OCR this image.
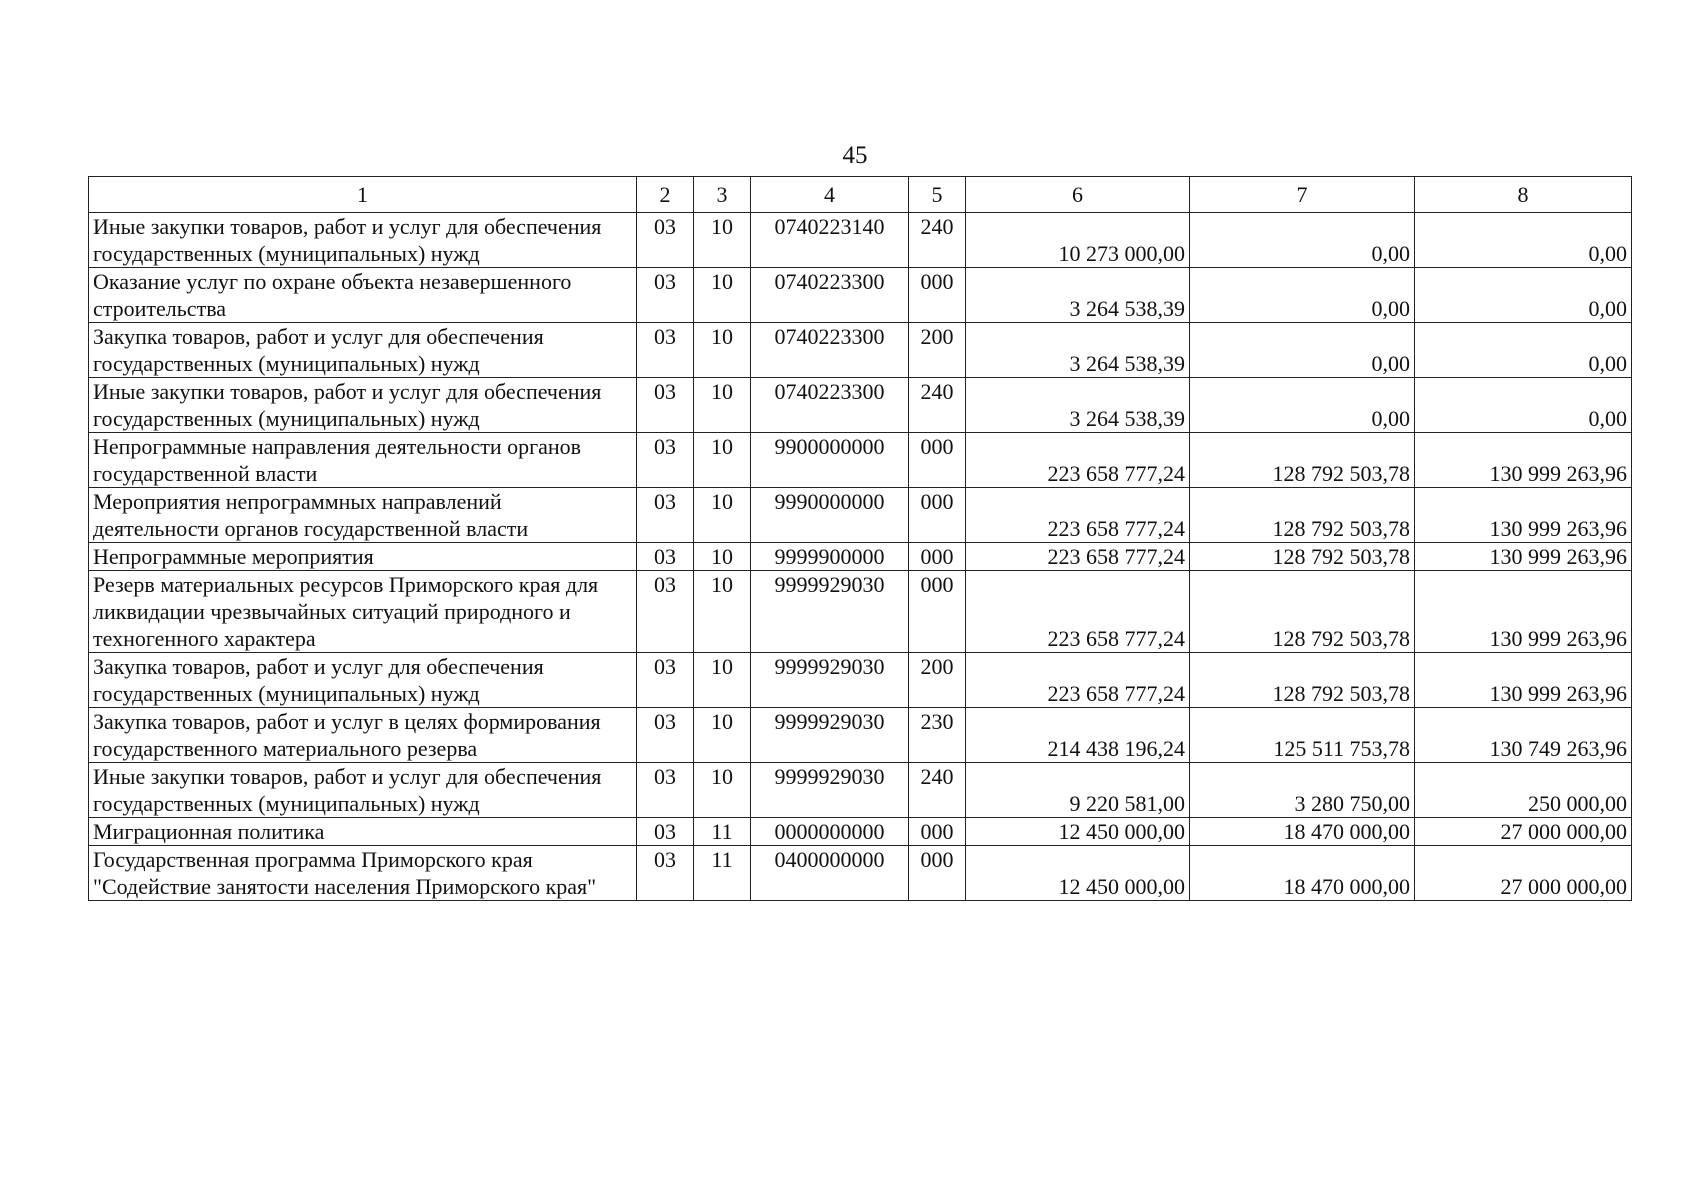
45
1	2	3	4	5	6	7	8
Иные закупки товаров, работ и услуг для обеспечения государственных (муниципальных) нужд	03	10	0740223140	240	10 273 000,00	0,00	0,00
Оказание услуг по охране объекта незавершенного строительства	03	10	0740223300	000	3 264 538,39	0,00	0,00
Закупка товаров, работ и услуг для обеспечения государственных (муниципальных) нужд	03	10	0740223300	200	3 264 538,39	0,00	0,00
Иные закупки товаров, работ и услуг для обеспечения государственных (муниципальных) нужд	03	10	0740223300	240	3 264 538,39	0,00	0,00
Непрограммные направления деятельности органов государственной власти	03	10	9900000000	000	223 658 777,24	128 792 503,78	130 999 263,96
Мероприятия непрограммных направлений деятельности органов государственной власти	03	10	9990000000	000	223 658 777,24	128 792 503,78	130 999 263,96
Непрограммные мероприятия	03	10	9999900000	000	223 658 777,24	128 792 503,78	130 999 263,96
Резерв материальных ресурсов Приморского края для ликвидации чрезвычайных ситуаций природного и техногенного характера	03	10	9999929030	000	223 658 777,24	128 792 503,78	130 999 263,96
Закупка товаров, работ и услуг для обеспечения государственных (муниципальных) нужд	03	10	9999929030	200	223 658 777,24	128 792 503,78	130 999 263,96
Закупка товаров, работ и услуг в целях формирования государственного материального резерва	03	10	9999929030	230	214 438 196,24	125 511 753,78	130 749 263,96
Иные закупки товаров, работ и услуг для обеспечения государственных (муниципальных) нужд	03	10	9999929030	240	9 220 581,00	3 280 750,00	250 000,00
Миграционная политика	03	11	0000000000	000	12 450 000,00	18 470 000,00	27 000 000,00
Государственная программа Приморского края "Содействие занятости населения Приморского края"	03	11	0400000000	000	12 450 000,00	18 470 000,00	27 000 000,00
